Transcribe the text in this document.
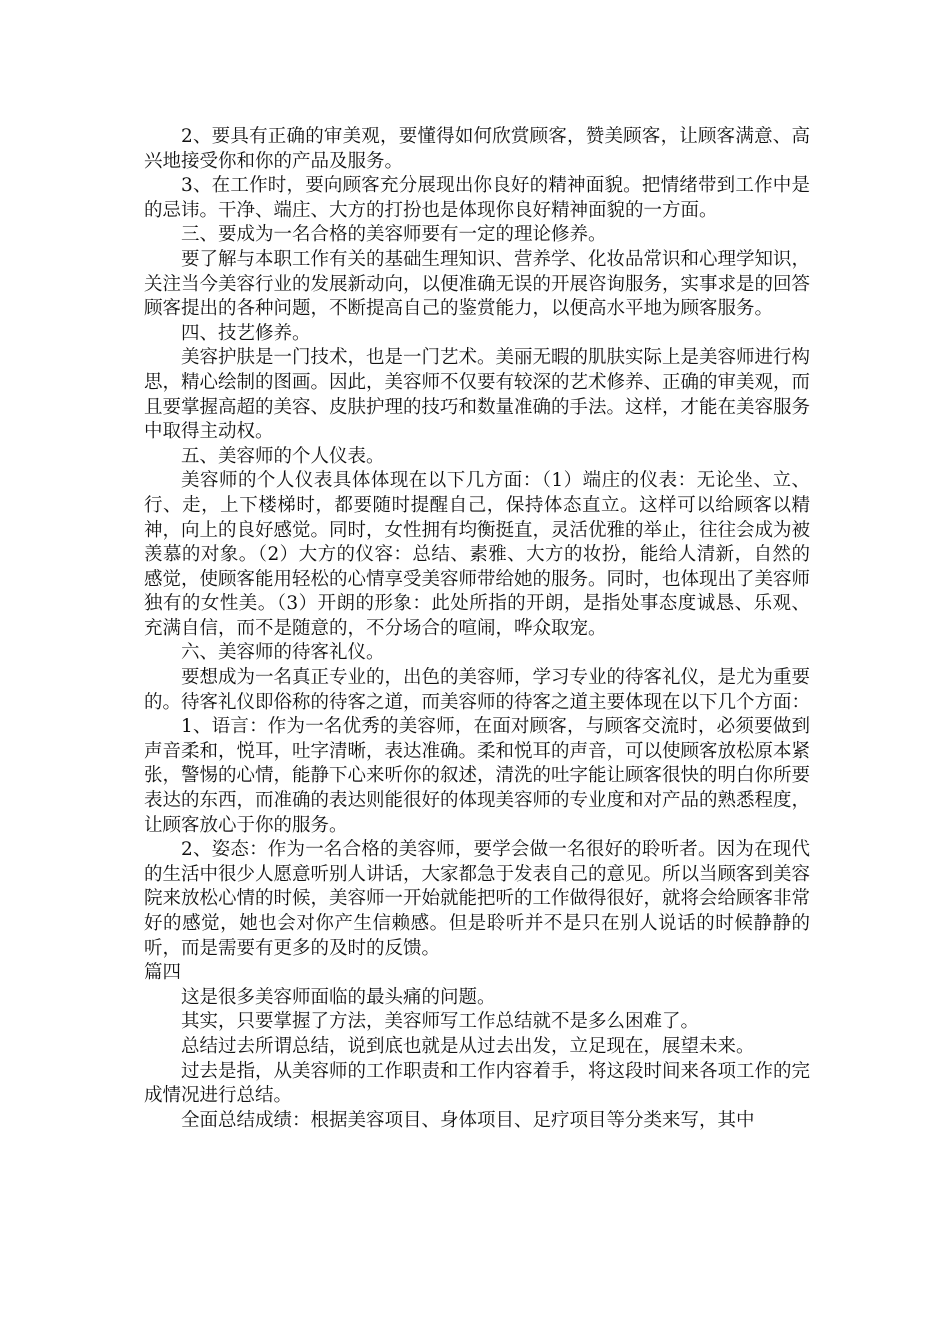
2、要具有正确的审美观，要懂得如何欣赏顾客，赞美顾客，让顾客满意、高兴地接受你和你的产品及服务。

3、在工作时，要向顾客充分展现出你良好的精神面貌。把情绪带到工作中是的忌讳。干净、端庄、大方的打扮也是体现你良好精神面貌的一方面。

三、要成为一名合格的美容师要有一定的理论修养。

要了解与本职工作有关的基础生理知识、营养学、化妆品常识和心理学知识，关注当今美容行业的发展新动向，以便准确无误的开展咨询服务，实事求是的回答顾客提出的各种问题，不断提高自己的鉴赏能力，以便高水平地为顾客服务。

四、技艺修养。

美容护肤是一门技术，也是一门艺术。美丽无暇的肌肤实际上是美容师进行构思，精心绘制的图画。因此，美容师不仅要有较深的艺术修养、正确的审美观，而且要掌握高超的美容、皮肤护理的技巧和数量准确的手法。这样，才能在美容服务中取得主动权。

五、美容师的个人仪表。

美容师的个人仪表具体体现在以下几方面：（1）端庄的仪表：无论坐、立、行、走，上下楼梯时，都要随时提醒自己，保持体态直立。这样可以给顾客以精神，向上的良好感觉。同时，女性拥有均衡挺直，灵活优雅的举止，往往会成为被羡慕的对象。（2）大方的仪容：总结、素雅、大方的妆扮，能给人清新，自然的感觉，使顾客能用轻松的心情享受美容师带给她的服务。同时，也体现出了美容师独有的女性美。（3）开朗的形象：此处所指的开朗，是指处事态度诚恳、乐观、充满自信，而不是随意的，不分场合的喧闹，哗众取宠。

六、美容师的待客礼仪。

要想成为一名真正专业的，出色的美容师，学习专业的待客礼仪，是尤为重要的。待客礼仪即俗称的待客之道，而美容师的待客之道主要体现在以下几个方面：

1、语言：作为一名优秀的美容师，在面对顾客，与顾客交流时，必须要做到声音柔和，悦耳，吐字清晰，表达准确。柔和悦耳的声音，可以使顾客放松原本紧张，警惕的心情，能静下心来听你的叙述，清洗的吐字能让顾客很快的明白你所要表达的东西，而准确的表达则能很好的体现美容师的专业度和对产品的熟悉程度，让顾客放心于你的服务。

2、姿态：作为一名合格的美容师，要学会做一名很好的聆听者。因为在现代的生活中很少人愿意听别人讲话，大家都急于发表自己的意见。所以当顾客到美容院来放松心情的时候，美容师一开始就能把听的工作做得很好，就将会给顾客非常好的感觉，她也会对你产生信赖感。但是聆听并不是只在别人说话的时候静静的听，而是需要有更多的及时的反馈。

篇四

这是很多美容师面临的最头痛的问题。

其实，只要掌握了方法，美容师写工作总结就不是多么困难了。

总结过去所谓总结，说到底也就是从过去出发，立足现在，展望未来。

过去是指，从美容师的工作职责和工作内容着手，将这段时间来各项工作的完成情况进行总结。

全面总结成绩：根据美容项目、身体项目、足疗项目等分类来写，其中
